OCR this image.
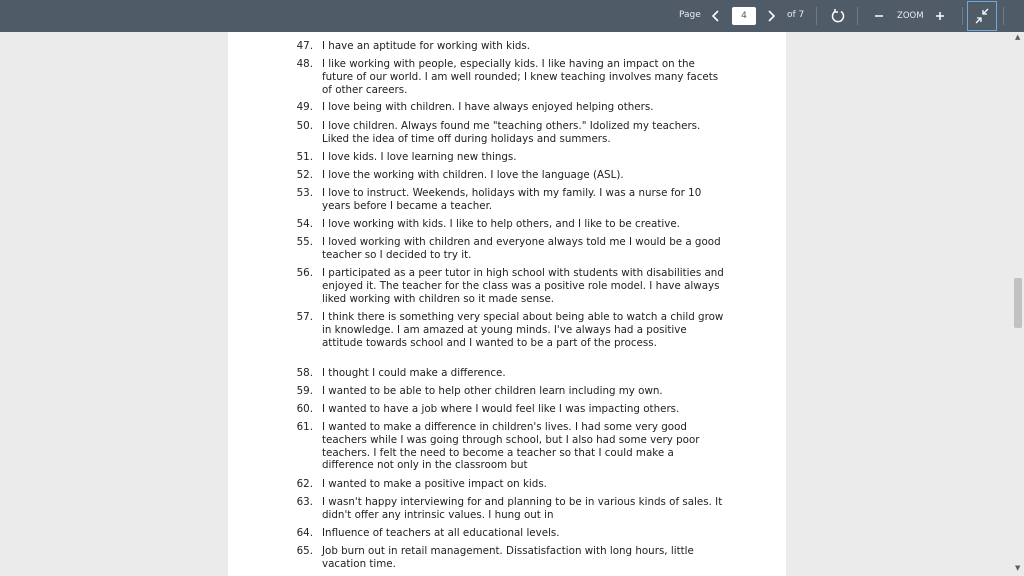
Page
4	of 7	ZOOM
47. I have an aptitude for working with kids.
48. I like working with people, especially kids. I like having an impact on the future of our world. I am well rounded; I knew teaching involves many facets of other careers.
49. I love being with children. I have always enjoyed helping others.
50. I love children. Always found me "teaching others." Idolized my teachers. Liked the idea of time off during holidays and summers.
51. I love kids. I love learning new things.
52. I love the working with children. I love the language (ASL).
53. I love to instruct. Weekends, holidays with my family. I was a nurse for 10 years before I became a teacher.
54. I love working with kids. I like to help others, and I like to be creative.
55. I loved working with children and everyone always told me I would be a good teacher so I decided to try it.
56. I participated as a peer tutor in high school with students with disabilities and enjoyed it. The teacher for the class was a positive role model. I have always liked working with children so it made sense.
57. I think there is something very special about being able to watch a child grow in knowledge. I am amazed at young minds. I've always had a positive attitude towards school and I wanted to be a part of the process.
58. I thought I could make a difference.
59. I wanted to be able to help other children learn including my own.
60. I wanted to have a job where I would feel like I was impacting others.
61. I wanted to make a difference in children's lives. I had some very good teachers while I was going through school, but I also had some very poor teachers. I felt the need to become a teacher so that I could make a difference not only in the classroom but
62. I wanted to make a positive impact on kids.
63. I wasn't happy interviewing for and planning to be in various kinds of sales. It didn't offer any intrinsic values. I hung out in
64. Influence of teachers at all educational levels.
65. Job burn out in retail management. Dissatisfaction with long hours, little vacation time.
▲
▼
